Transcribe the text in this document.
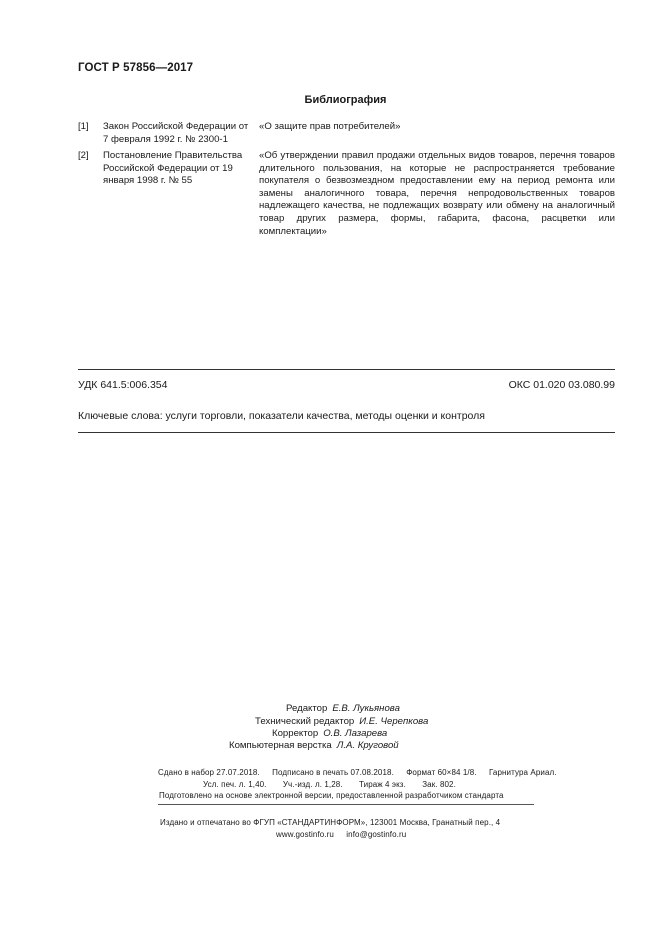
ГОСТ Р 57856—2017
Библиография
[1] Закон Российской Федерации от 7 февраля 1992 г. № 2300-1
«О защите прав потребителей»
[2] Постановление Правительства Российской Федерации от 19 января 1998 г. № 55
«Об утверждении правил продажи отдельных видов товаров, перечня товаров длительного пользования, на которые не распространяется требование покупателя о безвозмездном предоставлении ему на период ремонта или замены аналогичного товара, перечня непродовольственных товаров надлежащего качества, не подлежащих возврату или обмену на аналогичный товар других размера, формы, габарита, фасона, расцветки или комплектации»
УДК 641.5:006.354	ОКС 01.020 03.080.99
Ключевые слова: услуги торговли, показатели качества, методы оценки и контроля
Редактор Е.В. Лукьянова
Технический редактор И.Е. Черепкова
Корректор О.В. Лазарева
Компьютерная верстка Л.А. Круговой
Сдано в набор 27.07.2018. Подписано в печать 07.08.2018. Формат 60×84 1/8. Гарнитура Ариал.
Усл. печ. л. 1,40. Уч.-изд. л. 1,28. Тираж 4 экз. Зак. 802.
Подготовлено на основе электронной версии, предоставленной разработчиком стандарта
Издано и отпечатано во ФГУП «СТАНДАРТИНФОРМ», 123001 Москва, Гранатный пер., 4
www.gostinfo.ru info@gostinfo.ru
